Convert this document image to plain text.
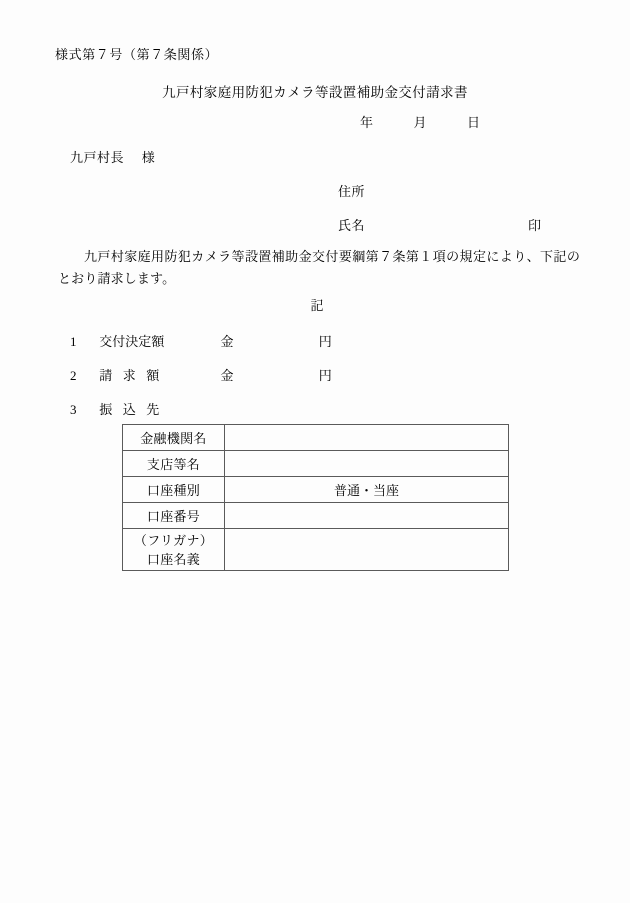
様式第７号（第７条関係）
九戸村家庭用防犯カメラ等設置補助金交付請求書
年	月	日
九戸村長 様
住所
氏名	印
九戸村家庭用防犯カメラ等設置補助金交付要綱第７条第１項の規定により、下記のとおり請求します。
記
1 交付決定額	金	円
2 請求額	金	円
3 振込先
金融機関名	
支店等名	
口座種別	普通・当座
口座番号	

（フリガナ）
口座名義	
